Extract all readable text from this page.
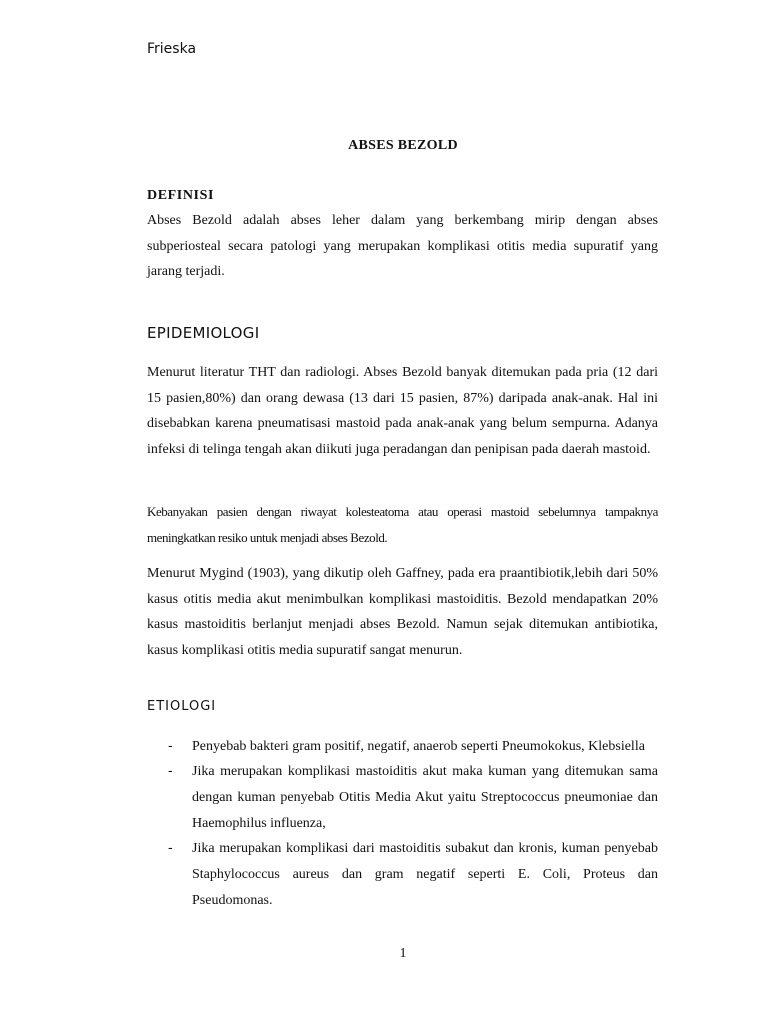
Frieska
ABSES BEZOLD
DEFINISI
Abses Bezold adalah abses leher dalam yang berkembang mirip dengan abses subperiosteal secara patologi yang merupakan komplikasi otitis media supuratif yang jarang terjadi.
EPIDEMIOLOGI
Menurut literatur THT dan radiologi. Abses Bezold banyak ditemukan pada pria (12 dari 15 pasien,80%) dan orang dewasa (13 dari 15 pasien, 87%) daripada anak-anak. Hal ini disebabkan karena pneumatisasi mastoid pada anak-anak yang belum sempurna. Adanya infeksi di telinga tengah akan diikuti juga peradangan dan penipisan pada daerah mastoid.
Kebanyakan pasien dengan riwayat kolesteatoma atau operasi mastoid sebelumnya tampaknya meningkatkan resiko untuk menjadi abses Bezold.
Menurut Mygind (1903), yang dikutip oleh Gaffney, pada era praantibiotik,lebih dari 50% kasus otitis media akut menimbulkan komplikasi mastoiditis. Bezold mendapatkan 20% kasus mastoiditis berlanjut menjadi abses Bezold. Namun sejak ditemukan antibiotika, kasus komplikasi otitis media supuratif sangat menurun.
ETIOLOGI
-	Penyebab bakteri gram positif, negatif, anaerob seperti Pneumokokus, Klebsiella
-	Jika merupakan komplikasi mastoiditis akut maka kuman yang ditemukan sama dengan kuman penyebab Otitis Media Akut yaitu Streptococcus pneumoniae dan Haemophilus influenza,
-	Jika merupakan komplikasi dari mastoiditis subakut dan kronis, kuman penyebab Staphylococcus aureus dan gram negatif seperti E. Coli, Proteus dan Pseudomonas.
1
